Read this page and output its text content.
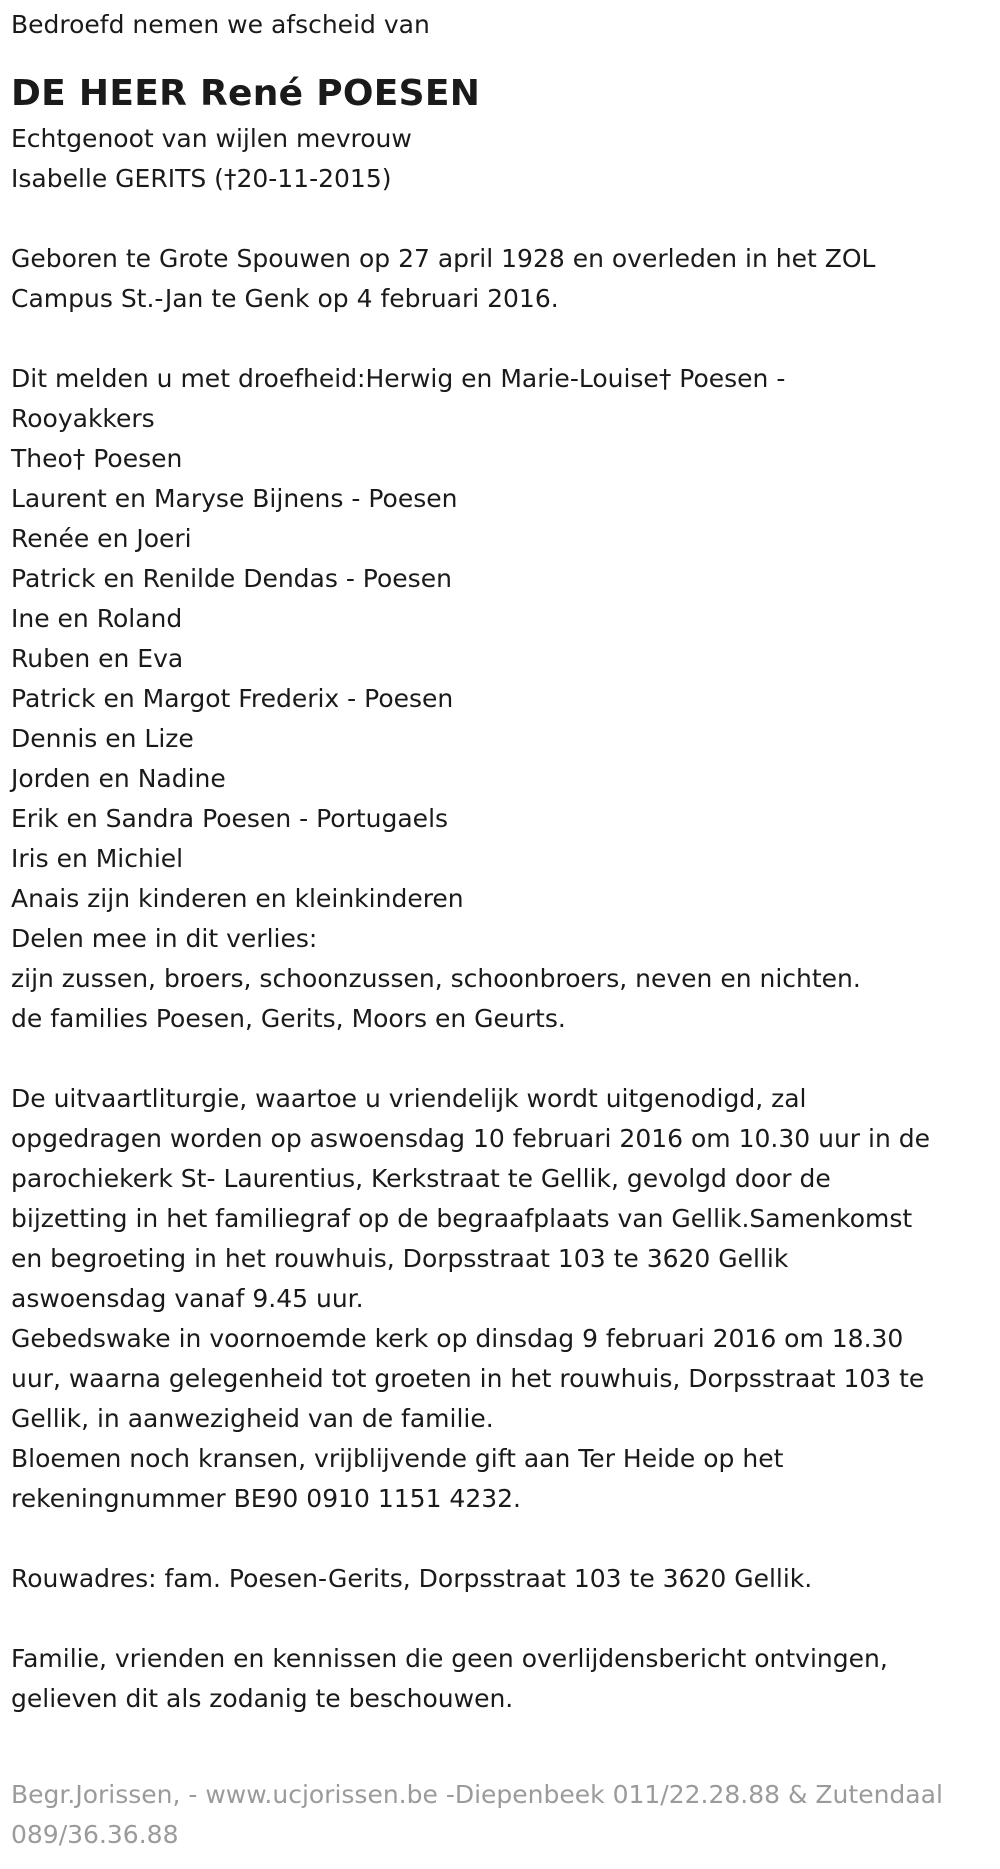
Bedroefd nemen we afscheid van
DE HEER René POESEN
Echtgenoot van wijlen mevrouw
Isabelle GERITS (†20-11-2015)
Geboren te Grote Spouwen op 27 april 1928 en overleden in het ZOL
Campus St.-Jan te Genk op 4 februari 2016.
Dit melden u met droefheid:Herwig en Marie-Louise† Poesen -
Rooyakkers
Theo† Poesen
Laurent en Maryse Bijnens - Poesen
Renée en Joeri
Patrick en Renilde Dendas - Poesen
Ine en Roland
Ruben en Eva
Patrick en Margot Frederix - Poesen
Dennis en Lize
Jorden en Nadine
Erik en Sandra Poesen - Portugaels
Iris en Michiel
Anais zijn kinderen en kleinkinderen
Delen mee in dit verlies:
zijn zussen, broers, schoonzussen, schoonbroers, neven en nichten.
de families Poesen, Gerits, Moors en Geurts.
De uitvaartliturgie, waartoe u vriendelijk wordt uitgenodigd, zal
opgedragen worden op aswoensdag 10 februari 2016 om 10.30 uur in de
parochiekerk St- Laurentius, Kerkstraat te Gellik, gevolgd door de
bijzetting in het familiegraf op de begraafplaats van Gellik.Samenkomst
en begroeting in het rouwhuis, Dorpsstraat 103 te 3620 Gellik
aswoensdag vanaf 9.45 uur.
Gebedswake in voornoemde kerk op dinsdag 9 februari 2016 om 18.30
uur, waarna gelegenheid tot groeten in het rouwhuis, Dorpsstraat 103 te
Gellik, in aanwezigheid van de familie.
Bloemen noch kransen, vrijblijvende gift aan Ter Heide op het
rekeningnummer BE90 0910 1151 4232.
Rouwadres: fam. Poesen-Gerits, Dorpsstraat 103 te 3620 Gellik.
Familie, vrienden en kennissen die geen overlijdensbericht ontvingen,
gelieven dit als zodanig te beschouwen.
Begr.Jorissen, - www.ucjorissen.be -Diepenbeek 011/22.28.88 & Zutendaal
089/36.36.88
